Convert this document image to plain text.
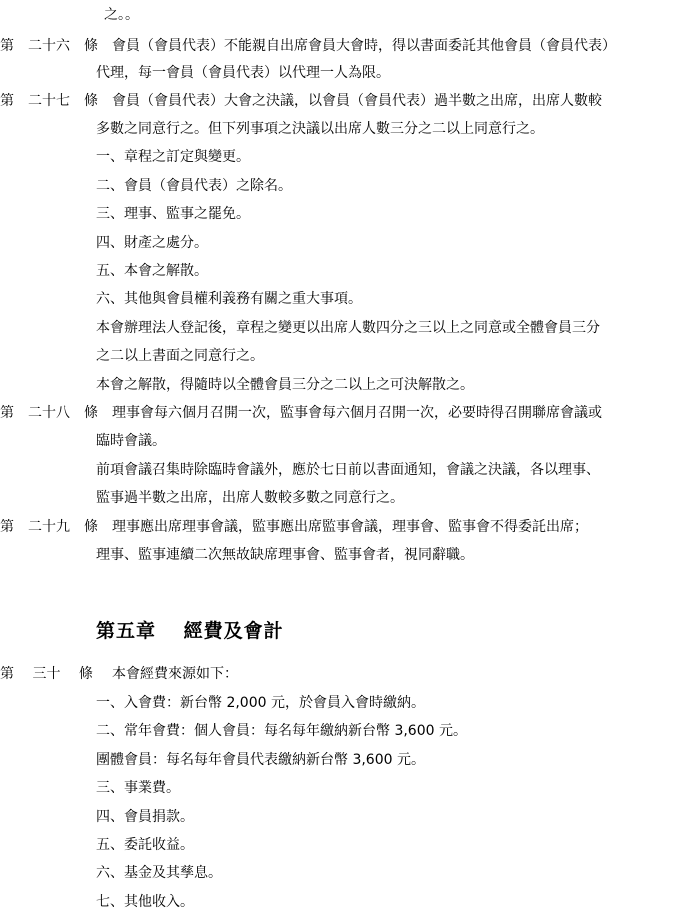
之。。
第　二十六　條 會員（會員代表）不能親自出席會員大會時，得以書面委託其他會員（會員代表）
代理，每一會員（會員代表）以代理一人為限。
第　二十七　條 會員（會員代表）大會之決議，以會員（會員代表）過半數之出席，出席人數較
多數之同意行之。但下列事項之決議以出席人數三分之二以上同意行之。
一、章程之訂定與變更。
二、會員（會員代表）之除名。
三、理事、監事之罷免。
四、財產之處分。
五、本會之解散。
六、其他與會員權利義務有關之重大事項。
本會辦理法人登記後，章程之變更以出席人數四分之三以上之同意或全體會員三分
之二以上書面之同意行之。
本會之解散，得隨時以全體會員三分之二以上之可決解散之。
第　二十八　條 理事會每六個月召開一次，監事會每六個月召開一次，必要時得召開聯席會議或
臨時會議。
前項會議召集時除臨時會議外，應於七日前以書面通知，會議之決議，各以理事、
監事過半數之出席，出席人數較多數之同意行之。
第　二十九　條 理事應出席理事會議，監事應出席監事會議，理事會、監事會不得委託出席；
理事、監事連續二次無故缺席理事會、監事會者，視同辭職。
第五章　 經費及會計
第　 三十　 條 本會經費來源如下：
一、入會費：新台幣 2,000 元，於會員入會時繳納。
二、常年會費：個人會員：每名每年繳納新台幣 3,600 元。
團體會員：每名每年會員代表繳納新台幣 3,600 元。
三、事業費。
四、會員捐款。
五、委託收益。
六、基金及其孳息。
七、其他收入。
